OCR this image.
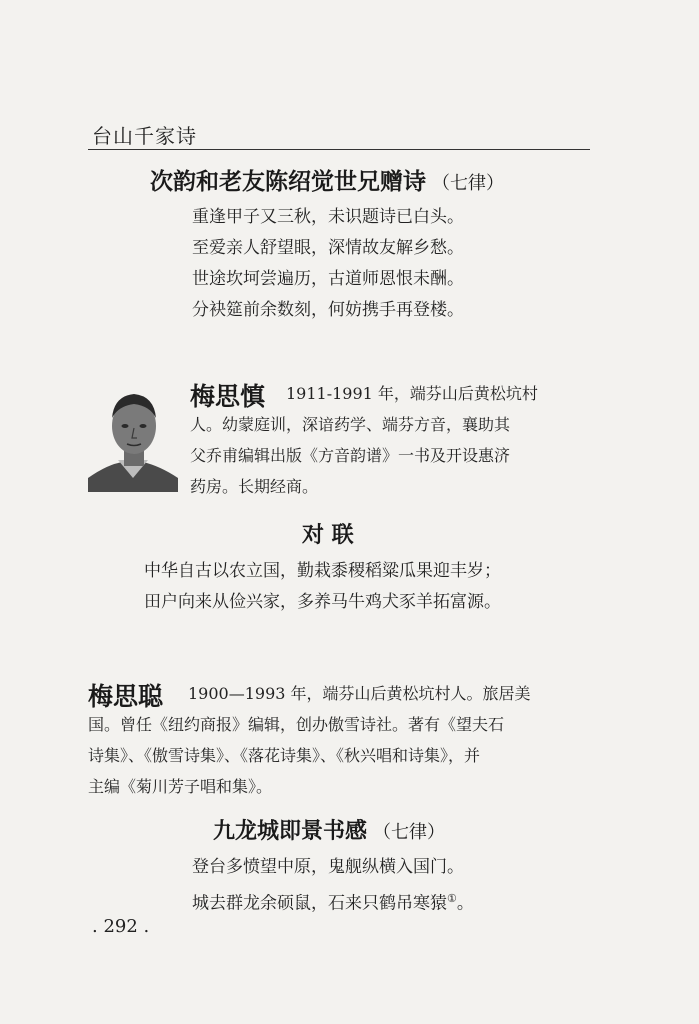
台山千家诗
次韵和老友陈绍觉世兄赠诗 （七律）
重逢甲子又三秋，未识题诗已白头。
至爱亲人舒望眼，深情故友解乡愁。
世途坎坷尝遍历，古道师恩恨未酬。
分袂筵前余数刻，何妨携手再登楼。
梅思慎	1911-1991 年，端芬山后黄松坑村
人。幼蒙庭训，深谙药学、端芬方音，襄助其
父乔甫编辑出版《方音韵谱》一书及开设惠济
药房。长期经商。
对 联
中华自古以农立国，勤栽黍稷稻粱瓜果迎丰岁；
田户向来从俭兴家，多养马牛鸡犬豕羊拓富源。
梅思聪	1900—1993 年，端芬山后黄松坑村人。旅居美
国。曾任《纽约商报》编辑，创办傲雪诗社。著有《望夫石
诗集》、《傲雪诗集》、《落花诗集》、《秋兴唱和诗集》，并
主编《菊川芳子唱和集》。
九龙城即景书感 （七律）
登台多愤望中原，鬼舰纵横入国门。
城去群龙余硕鼠，石来只鹤吊寒猿①。
. 292 .
